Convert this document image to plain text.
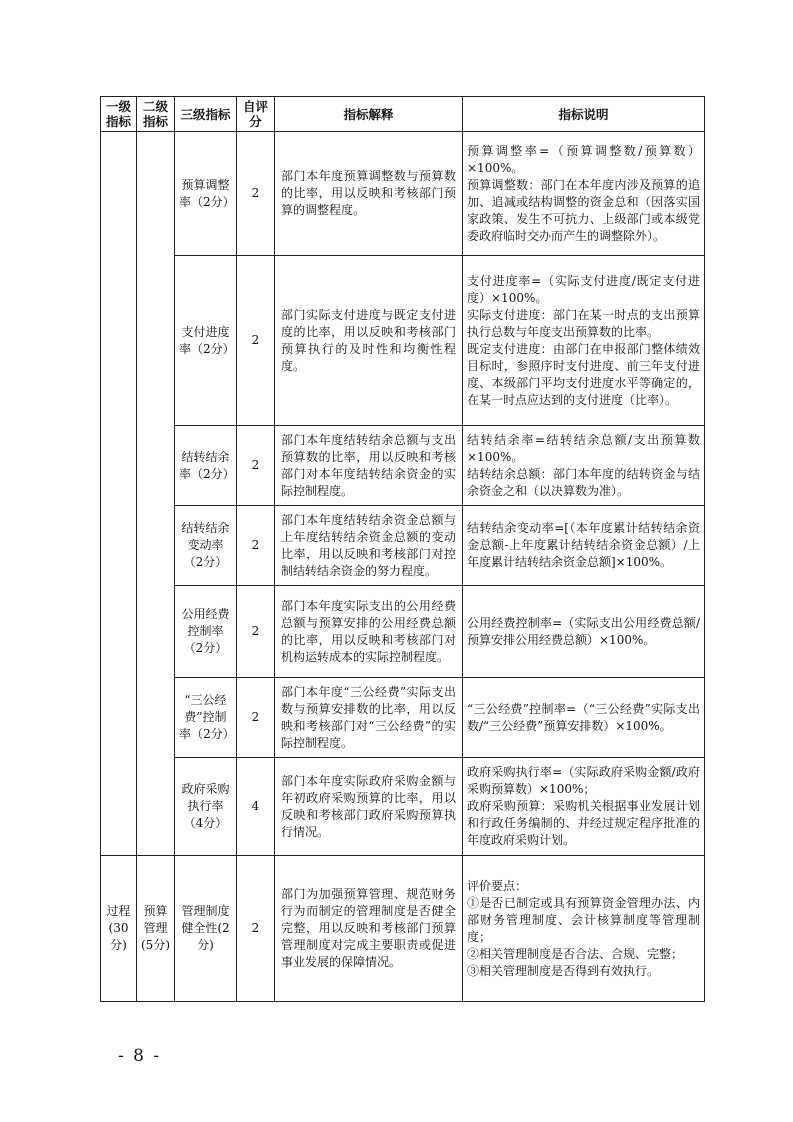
一级指标	二级指标	三级指标	自评分	指标解释	指标说明
		预算调整率（2分）	2	部门本年度预算调整数与预算数的比率，用以反映和考核部门预算的调整程度。	预算调整率=（预算调整数/预算数）×100%。
预算调整数：部门在本年度内涉及预算的追加、追减或结构调整的资金总和（因落实国家政策、发生不可抗力、上级部门或本级党委政府临时交办而产生的调整除外）。
		支付进度率（2分）	2	部门实际支付进度与既定支付进度的比率，用以反映和考核部门预算执行的及时性和均衡性程度。	支付进度率=（实际支付进度/既定支付进度）×100%。
实际支付进度：部门在某一时点的支出预算执行总数与年度支出预算数的比率。
既定支付进度：由部门在申报部门整体绩效目标时，参照序时支付进度、前三年支付进度、本级部门平均支付进度水平等确定的，在某一时点应达到的支付进度（比率）。
		结转结余率（2分）	2	部门本年度结转结余总额与支出预算数的比率，用以反映和考核部门对本年度结转结余资金的实际控制程度。	结转结余率=结转结余总额/支出预算数×100%。
结转结余总额：部门本年度的结转资金与结余资金之和（以决算数为准）。
		结转结余变动率（2分）	2	部门本年度结转结余资金总额与上年度结转结余资金总额的变动比率，用以反映和考核部门对控制结转结余资金的努力程度。	结转结余变动率=[（本年度累计结转结余资金总额-上年度累计结转结余资金总额）/上年度累计结转结余资金总额]×100%。
		公用经费控制率（2分）	2	部门本年度实际支出的公用经费总额与预算安排的公用经费总额的比率，用以反映和考核部门对机构运转成本的实际控制程度。	公用经费控制率=（实际支出公用经费总额/预算安排公用经费总额）×100%。
		“三公经费”控制率（2分）	2	部门本年度“三公经费”实际支出数与预算安排数的比率，用以反映和考核部门对“三公经费”的实际控制程度。	“三公经费”控制率=（“三公经费”实际支出数/“三公经费”预算安排数）×100%。
		政府采购执行率（4分）	4	部门本年度实际政府采购金额与年初政府采购预算的比率，用以反映和考核部门政府采购预算执行情况。	政府采购执行率=（实际政府采购金额/政府采购预算数）×100%；
政府采购预算：采购机关根据事业发展计划和行政任务编制的、并经过规定程序批准的年度政府采购计划。
过程(30分)	预算管理(5分)	管理制度健全性(2分)	2	部门为加强预算管理、规范财务行为而制定的管理制度是否健全完整，用以反映和考核部门预算管理制度对完成主要职责或促进事业发展的保障情况。	评价要点：
①是否已制定或具有预算资金管理办法、内部财务管理制度、会计核算制度等管理制度；
②相关管理制度是否合法、合规、完整；
③相关管理制度是否得到有效执行。
- 8 -
